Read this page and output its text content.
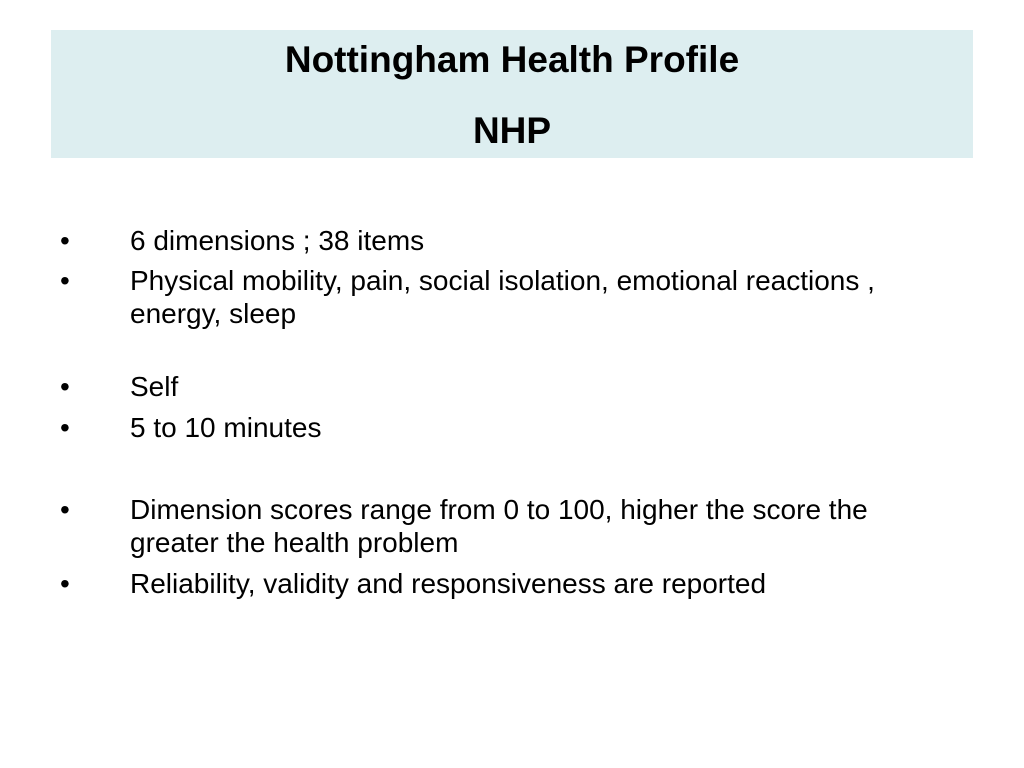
Nottingham Health Profile
NHP
• 6 dimensions ; 38 items
• Physical mobility, pain, social isolation, emotional reactions , energy, sleep
• Self
• 5 to 10 minutes
• Dimension scores range from 0 to 100, higher the score the greater the health problem
• Reliability, validity and responsiveness are reported
